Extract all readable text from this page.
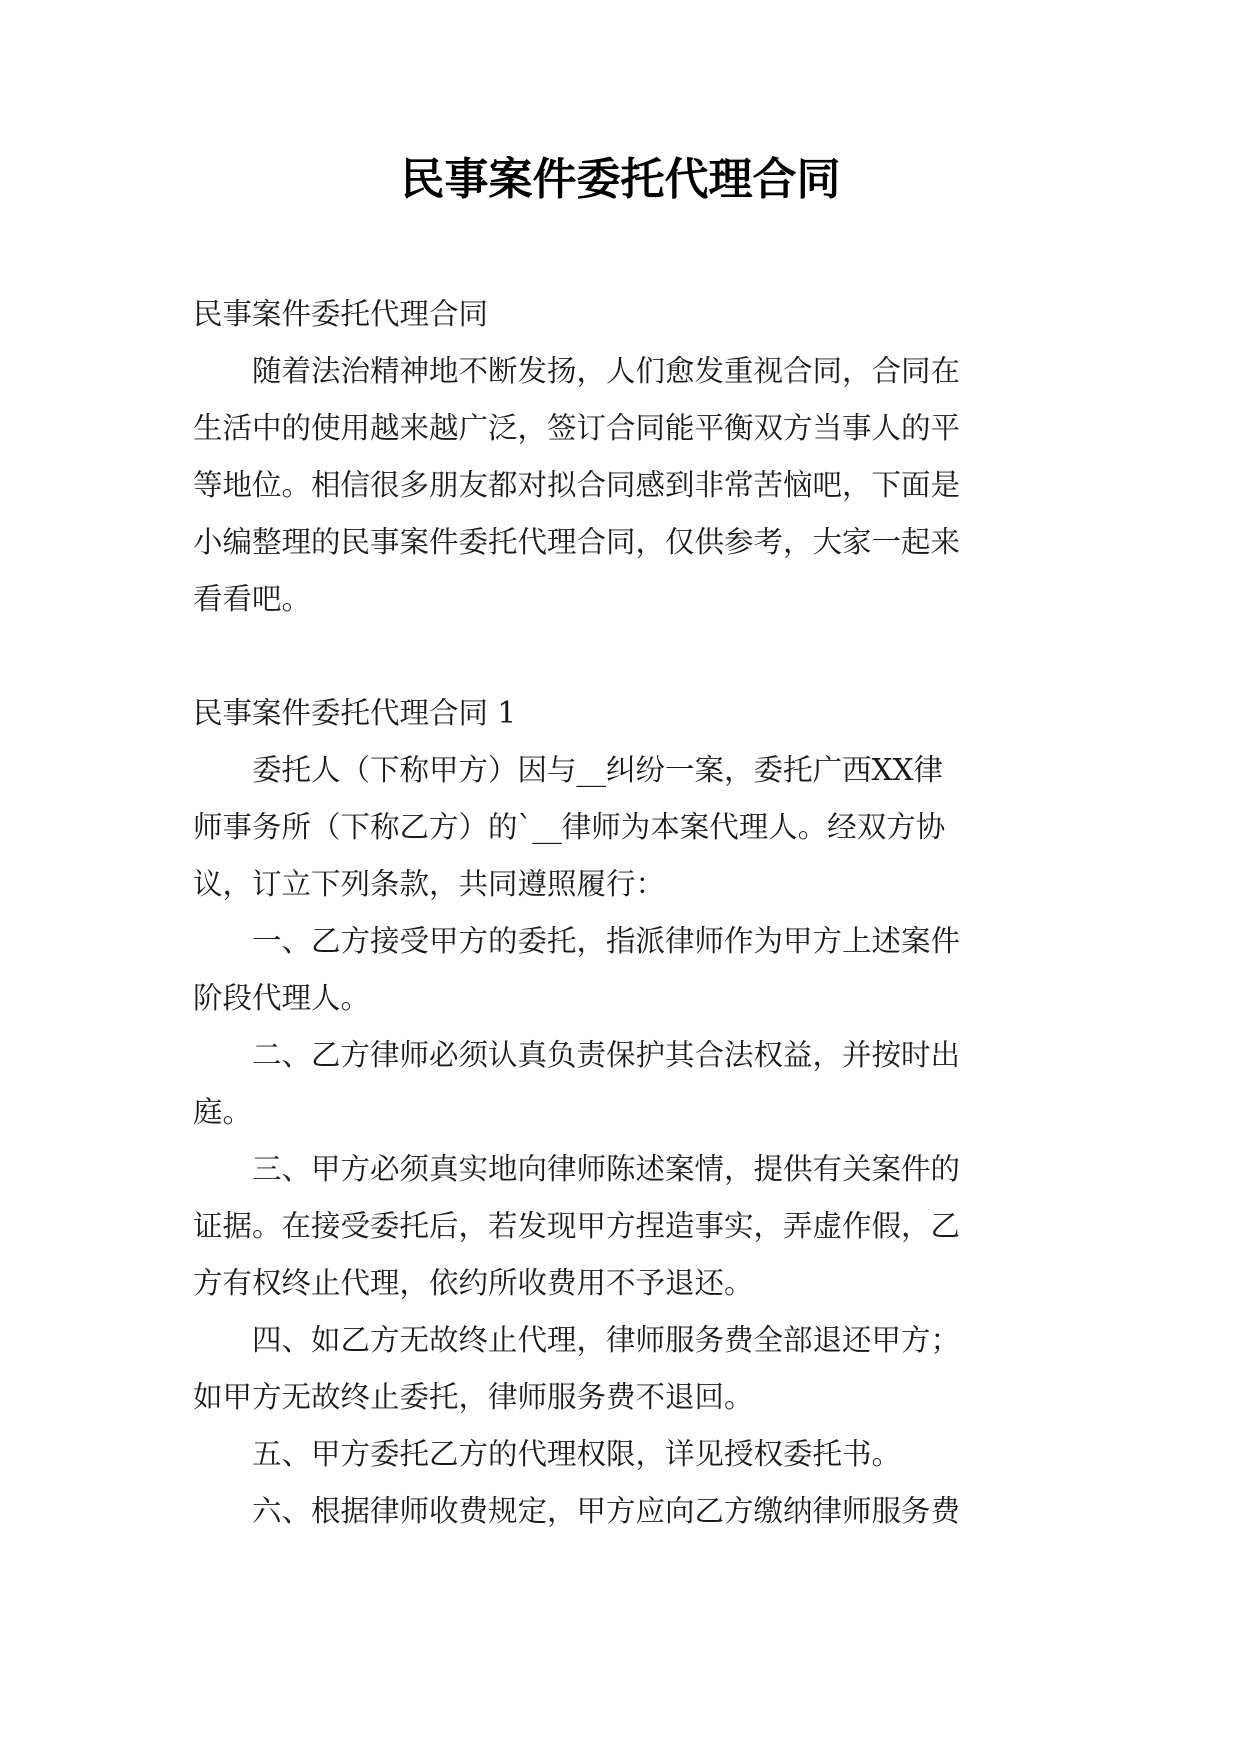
民事案件委托代理合同
民事案件委托代理合同
　　随着法治精神地不断发扬，人们愈发重视合同，合同在
生活中的使用越来越广泛，签订合同能平衡双方当事人的平
等地位。相信很多朋友都对拟合同感到非常苦恼吧，下面是
小编整理的民事案件委托代理合同，仅供参考，大家一起来
看看吧。
民事案件委托代理合同 1
　　委托人（下称甲方）因与__纠纷一案，委托广西XX律
师事务所（下称乙方）的`__律师为本案代理人。经双方协
议，订立下列条款，共同遵照履行：
　　一、乙方接受甲方的委托，指派律师作为甲方上述案件
阶段代理人。
　　二、乙方律师必须认真负责保护其合法权益，并按时出
庭。
　　三、甲方必须真实地向律师陈述案情，提供有关案件的
证据。在接受委托后，若发现甲方捏造事实，弄虚作假，乙
方有权终止代理，依约所收费用不予退还。
　　四、如乙方无故终止代理，律师服务费全部退还甲方；
如甲方无故终止委托，律师服务费不退回。
　　五、甲方委托乙方的代理权限，详见授权委托书。
　　六、根据律师收费规定，甲方应向乙方缴纳律师服务费
